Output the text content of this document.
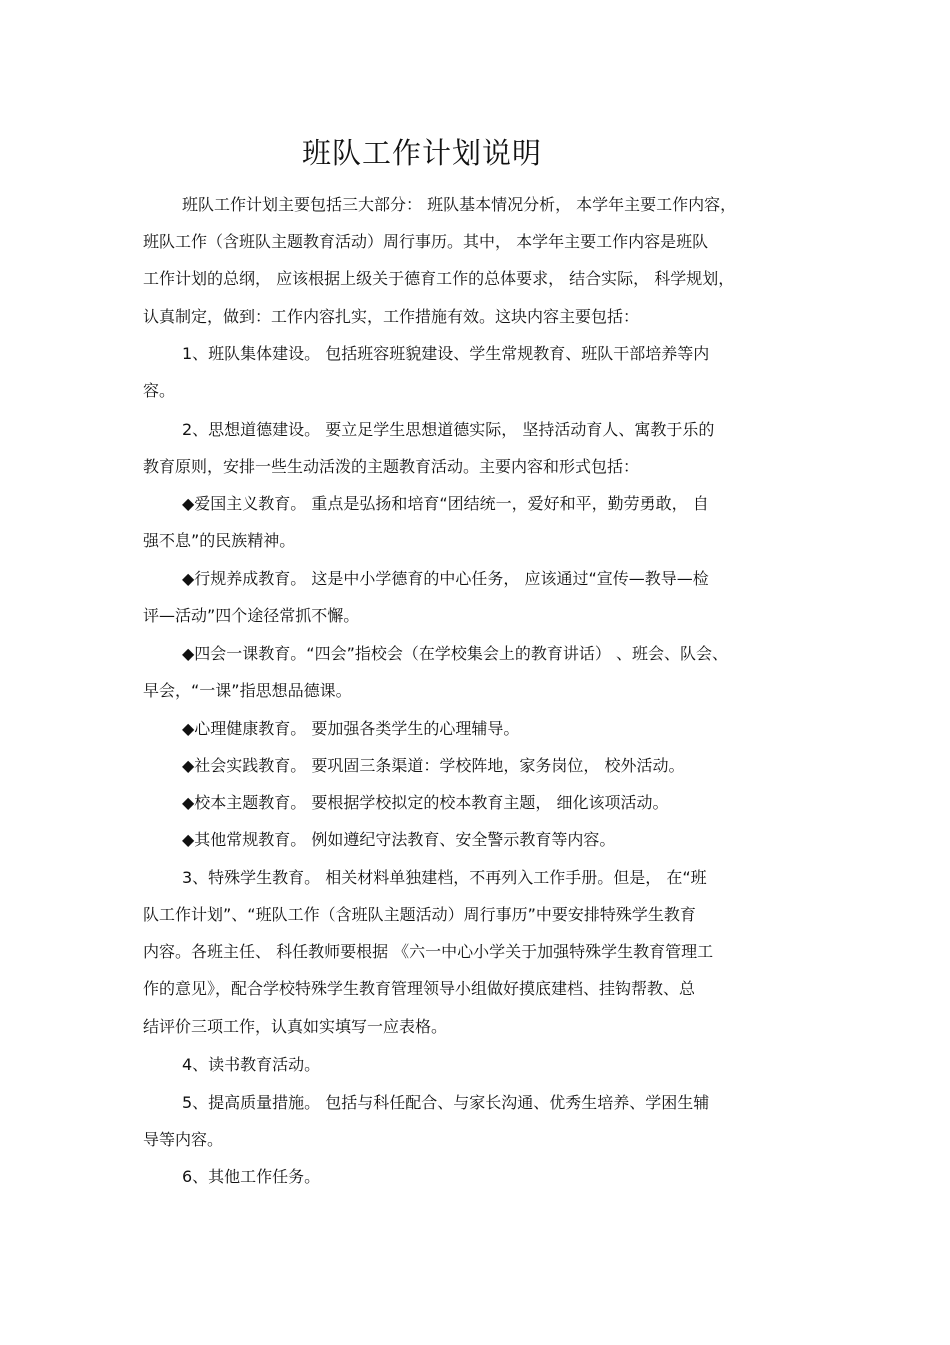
班队工作计划说明
班队工作计划主要包括三大部分： 班队基本情况分析， 本学年主要工作内容，
班队工作（含班队主题教育活动）周行事历。其中， 本学年主要工作内容是班队
工作计划的总纲， 应该根据上级关于德育工作的总体要求， 结合实际， 科学规划，
认真制定，做到：工作内容扎实，工作措施有效。这块内容主要包括：
1、班队集体建设。 包括班容班貌建设、学生常规教育、班队干部培养等内
容。
2、思想道德建设。 要立足学生思想道德实际， 坚持活动育人、寓教于乐的
教育原则，安排一些生动活泼的主题教育活动。主要内容和形式包括：
◆爱国主义教育。 重点是弘扬和培育“团结统一，爱好和平，勤劳勇敢， 自
强不息”的民族精神。
◆行规养成教育。 这是中小学德育的中心任务， 应该通过“宣传—教导—检
评—活动”四个途径常抓不懈。
◆四会一课教育。“四会”指校会（在学校集会上的教育讲话） 、班会、队会、
早会，“一课”指思想品德课。
◆心理健康教育。 要加强各类学生的心理辅导。
◆社会实践教育。 要巩固三条渠道：学校阵地，家务岗位， 校外活动。
◆校本主题教育。 要根据学校拟定的校本教育主题， 细化该项活动。
◆其他常规教育。 例如遵纪守法教育、安全警示教育等内容。
3、特殊学生教育。 相关材料单独建档，不再列入工作手册。但是， 在“班
队工作计划”、“班队工作（含班队主题活动）周行事历”中要安排特殊学生教育
内容。各班主任、 科任教师要根据 《六一中心小学关于加强特殊学生教育管理工
作的意见》，配合学校特殊学生教育管理领导小组做好摸底建档、挂钩帮教、总
结评价三项工作，认真如实填写一应表格。
4、读书教育活动。
5、提高质量措施。 包括与科任配合、与家长沟通、优秀生培养、学困生辅
导等内容。
6、其他工作任务。
